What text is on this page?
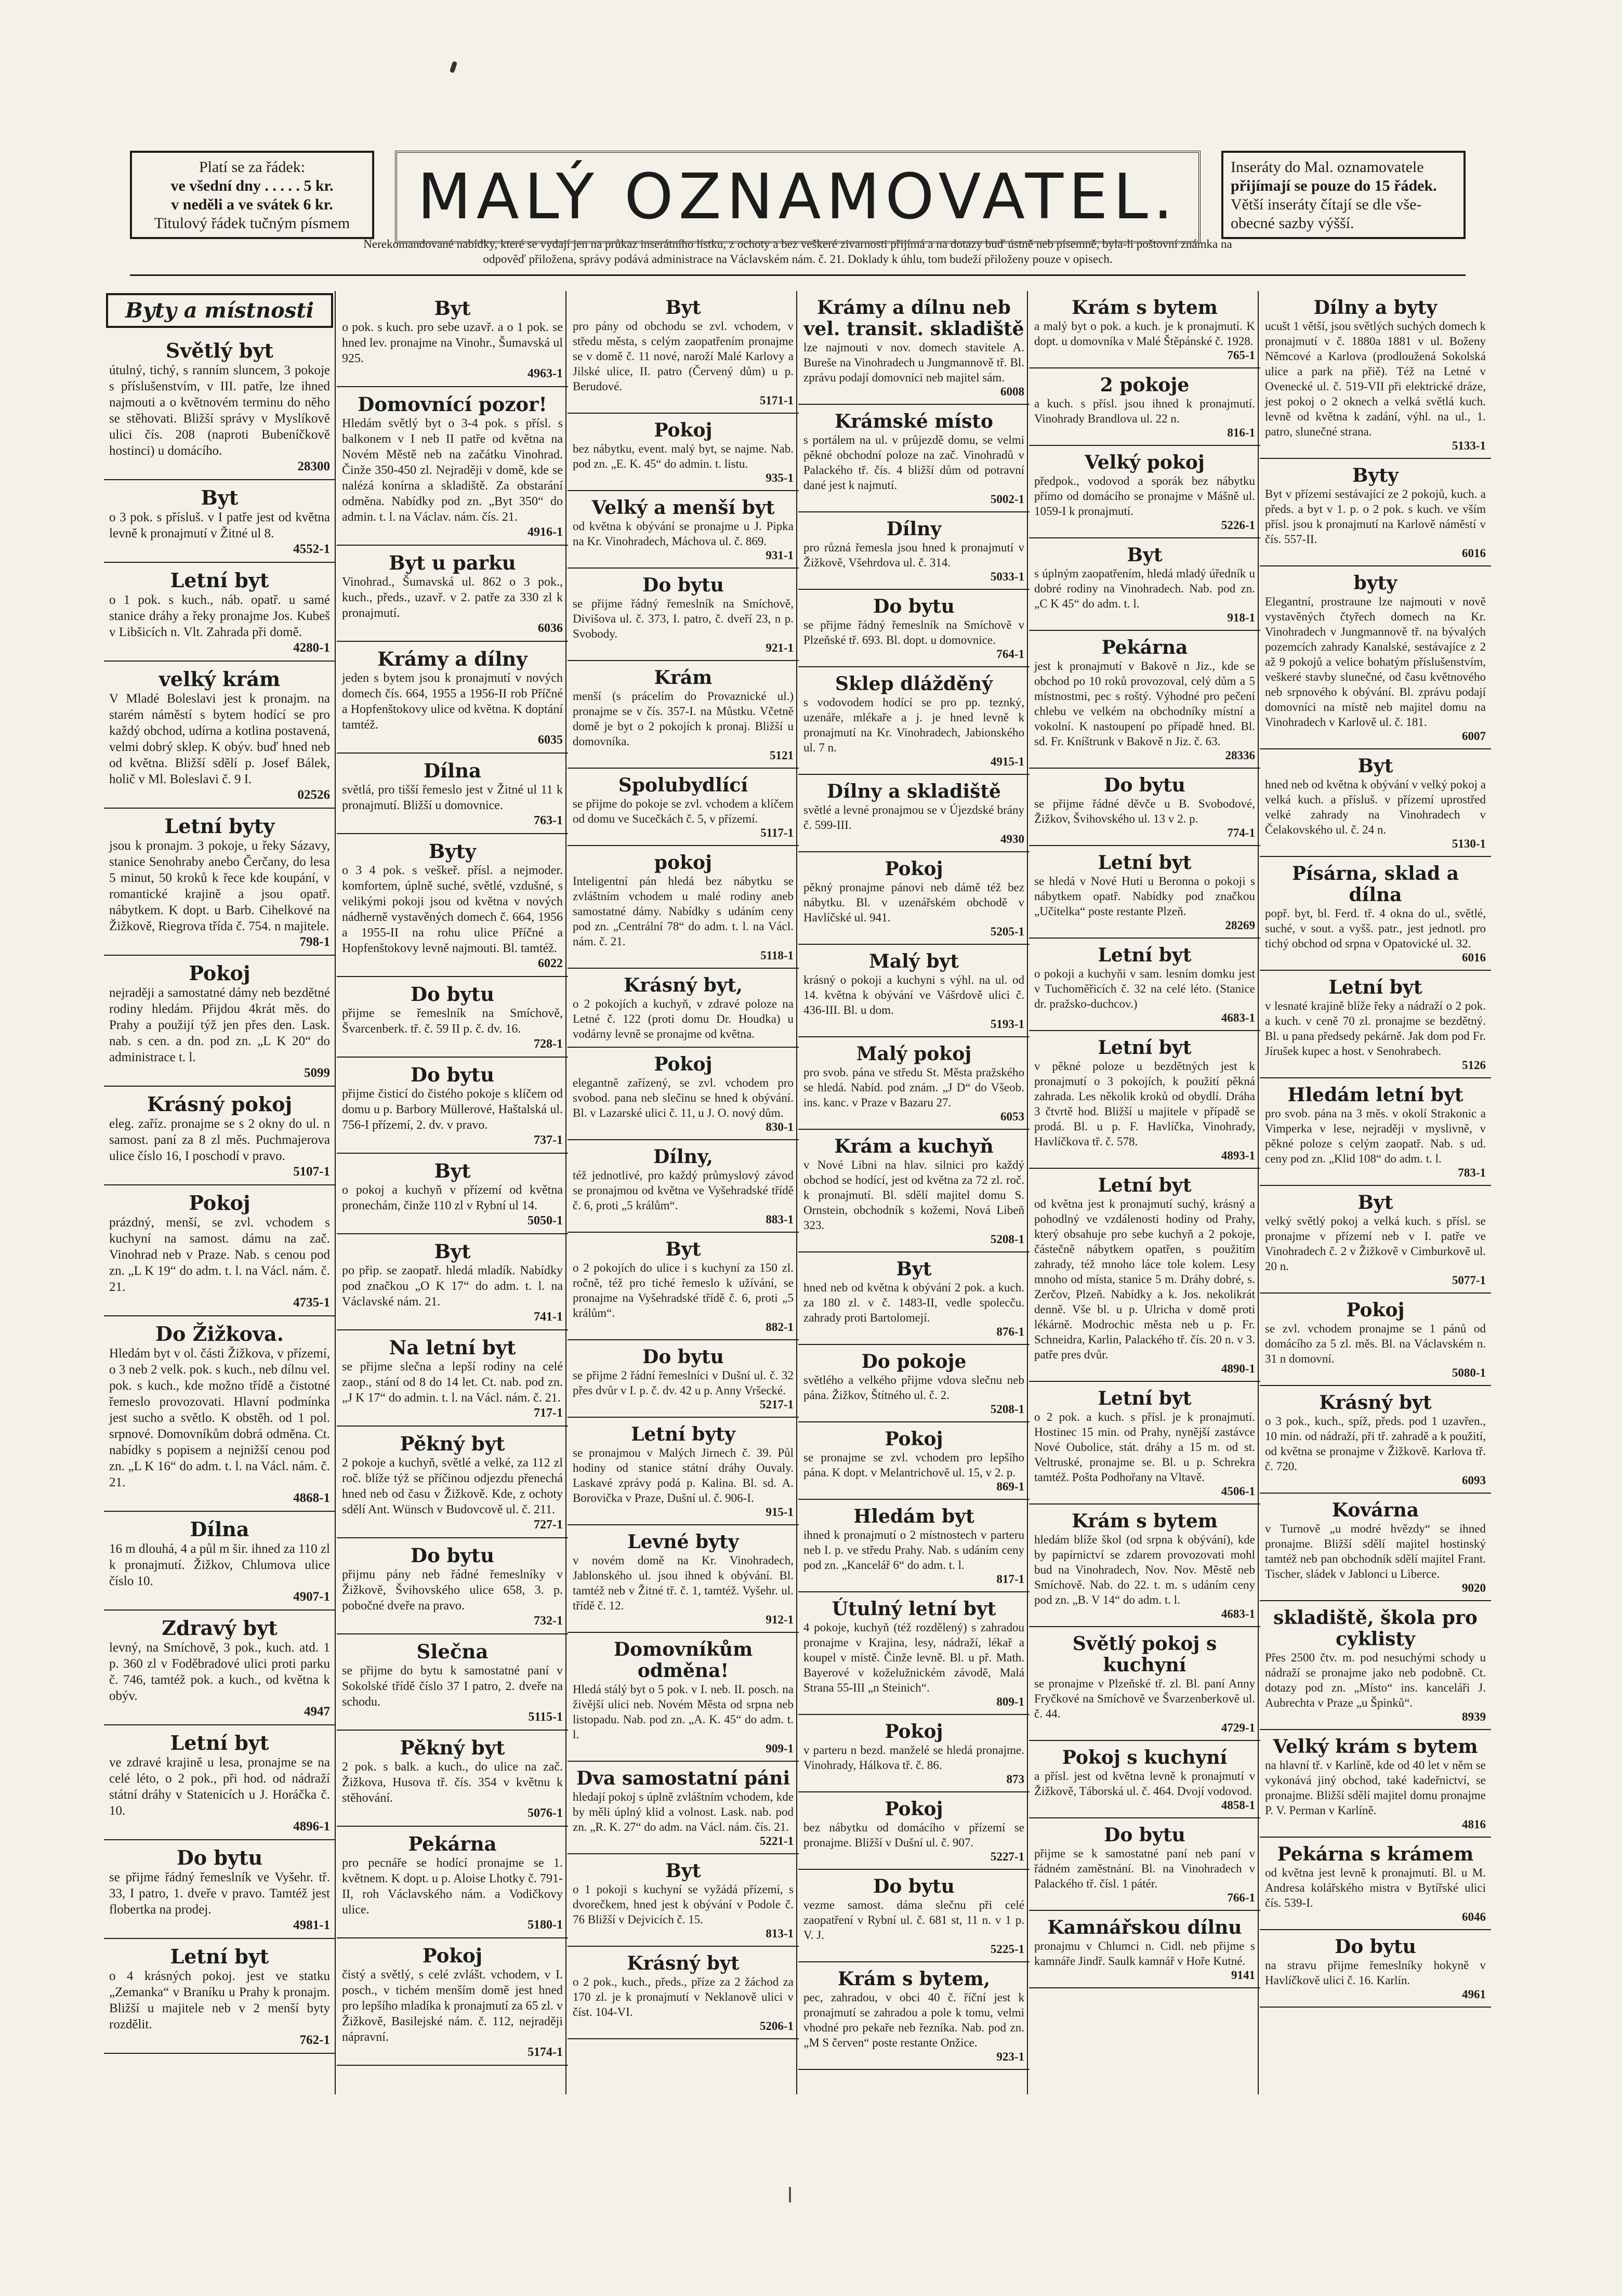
Platí se za řádek:
ve všední dny . . . . . 5 kr.
v neděli a ve svátek 6 kr.
Titulový řádek tučným písmem MALÝ OZNAMOVATEL.	Inseráty do Mal. oznamovatele
přijímají se pouze do 15 řádek.
Větší inseráty čítají se dle vše-
obecné sazby výšší.
Nerekomandované nabídky, které se vydají jen na průkaz inserátního lístku, z ochoty a bez veškeré zivarnosti přijímá a na dotazy buď ústně neb písemně, byla-li poštovní známka na
odpověď přiložena, správy podává administrace na Václavském nám. č. 21. Doklady k úhlu, tom budeží přiloženy pouze v opisech.
Byty a místnosti
Světlý byt
útulný, tichý, s ranním sluncem, 3 pokoje s příslušenstvím, v III. patře, lze ihned najmouti a o květnovém terminu do něho se stěhovati. Bližší správy v Myslíkově ulici čís. 208 (naproti Bubeníčkově hostinci) u domácího.
28300
Byt
o 3 pok. s přísluš. v I patře jest od května levně k pronajmutí v Žitné ul 8.
4552-1
Letní byt
o 1 pok. s kuch., náb. opatř. u samé stanice dráhy a řeky pronajme Jos. Kubeš v Libšicích n. Vlt. Zahrada při domě.
4280-1
velký krám
V Mladé Boleslavi jest k pronajm. na starém náměstí s bytem hodící se pro každý obchod, udírna a kotlina postavená, velmi dobrý sklep. K obýv. buď hned neb od května. Bližší sdělí p. Josef Bálek, holič v Ml. Boleslavi č. 9 I.
02526
Letní byty
jsou k pronajm. 3 pokoje, u řeky Sázavy, stanice Senohraby anebo Čerčany, do lesa 5 minut, 50 kroků k řece kde koupání, v romantické krajině a jsou opatř. nábytkem. K dopt. u Barb. Cihelkové na Žižkově, Riegrova třída č. 754. n majitele.
798-1
Pokoj
nejraději a samostatné dámy neb bezdětné rodiny hledám. Přijdou 4krát měs. do Prahy a použijí týž jen přes den. Lask. nab. s cen. a dn. pod zn. „L K 20“ do administrace t. l.
5099
Krásný pokoj
eleg. zaříz. pronajme se s 2 okny do ul. n samost. paní za 8 zl měs. Puchmajerova ulice číslo 16, I poschodí v pravo.
5107-1
Pokoj
prázdný, menší, se zvl. vchodem s kuchyní na samost. dámu na zač. Vinohrad neb v Praze. Nab. s cenou pod zn. „L K 19“ do adm. t. l. na Václ. nám. č. 21.
4735-1
Do Žižkova.
Hledám byt v ol. části Žižkova, v přízemí, o 3 neb 2 velk. pok. s kuch., neb dílnu vel. pok. s kuch., kde možno třídě a čistotné řemeslo provozovati. Hlavní podmínka jest sucho a světlo. K obstěh. od 1 pol. srpnové. Domovníkům dobrá odměna. Ct. nabídky s popisem a nejnižší cenou pod zn. „L K 16“ do adm. t. l. na Václ. nám. č. 21.
4868-1
Dílna
16 m dlouhá, 4 a půl m šir. ihned za 110 zl k pronajmutí. Žižkov, Chlumova ulice číslo 10.
4907-1
Zdravý byt
levný, na Smíchově, 3 pok., kuch. atd. 1 p. 360 zl v Foděbradové ulici proti parku č. 746, tamtéž pok. a kuch., od května k obýv.
4947
Letní byt
ve zdravé krajině u lesa, pronajme se na celé léto, o 2 pok., při hod. od nádraží státní dráhy v Statenicích u J. Horáčka č. 10.
4896-1
Do bytu
se přijme řádný řemeslník ve Vyšehr. tř. 33, I patro, 1. dveře v pravo. Tamtéž jest flobertka na prodej.
4981-1
Letní byt
o 4 krásných pokoj. jest ve statku „Zemanka“ v Braníku u Prahy k pronajm. Bližší u majitele neb v 2 menší byty rozdělit.
762-1
Byt
o pok. s kuch. pro sebe uzavř. a o 1 pok. se hned lev. pronajme na Vinohr., Šumavská ul 925.
4963-1
Domovnící pozor!
Hledám světlý byt o 3-4 pok. s přísl. s balkonem v I neb II patře od května na Novém Městě neb na začátku Vinohrad. Činže 350-450 zl. Nejraději v domě, kde se nalézá konírna a skladiště. Za obstarání odměna. Nabídky pod zn. „Byt 350“ do admin. t. l. na Václav. nám. čís. 21.
4916-1
Byt u parku
Vinohrad., Šumavská ul. 862 o 3 pok., kuch., předs., uzavř. v 2. patře za 330 zl k pronajmutí.
6036
Krámy a dílny
jeden s bytem jsou k pronajmutí v nových domech čís. 664, 1955 a 1956-II rob Příčné a Hopfenštokovy ulice od května. K doptání tamtéž.
6035
Dílna
světlá, pro tišší řemeslo jest v Žitné ul 11 k pronajmutí. Bližší u domovnice.
763-1
Byty
o 3 4 pok. s veškeř. přísl. a nejmoder. komfortem, úplně suché, světlé, vzdušné, s velikými pokoji jsou od května v nových nádherně vystavěných domech č. 664, 1956 a 1955-II na rohu ulice Příčné a Hopfenštokovy levně najmouti. Bl. tamtéž.
6022
Do bytu
přijme se řemeslník na Smíchově, Švarcenberk. tř. č. 59 II p. č. dv. 16.
728-1
Do bytu
přijme čisticí do čistého pokoje s klíčem od domu u p. Barbory Müllerové, Haštalská ul. 756-I přízemí, 2. dv. v pravo.
737-1
Byt
o pokoj a kuchyň v přízemí od května pronechám, činže 110 zl v Rybní ul 14.
5050-1
Byt
po přip. se zaopatř. hledá mladík. Nabídky pod značkou „O K 17“ do adm. t. l. na Václavské nám. 21.
741-1
Na letní byt
se přijme slečna a lepší rodiny na celé zaop., stání od 8 do 14 let. Ct. nab. pod zn. „J K 17“ do admin. t. l. na Václ. nám. č. 21.
717-1
Pěkný byt
2 pokoje a kuchyň, světlé a velké, za 112 zl roč. blíže týž se příčinou odjezdu přenechá hned neb od času v Žižkově. Kde, z ochoty sdělí Ant. Wünsch v Budovcově ul. č. 211.
727-1
Do bytu
přijmu pány neb řádné řemeslníky v Žižkově, Švihovského ulice 658, 3. p. pobočné dveře na pravo.
732-1
Slečna
se přijme do bytu k samostatné paní v Sokolské třídě číslo 37 I patro, 2. dveře na schodu.
5115-1
Pěkný byt
2 pok. s balk. a kuch., do ulice na zač. Žižkova, Husova tř. čís. 354 v květnu k stěhování.
5076-1
Pekárna
pro pecnáře se hodící pronajme se 1. květnem. K dopt. u p. Aloise Lhotky č. 791-II, roh Václavského nám. a Vodičkovy ulice.
5180-1
Pokoj
čistý a světlý, s celé zvlášt. vchodem, v I. posch., v tichém menším domě jest hned pro lepšího mladíka k pronajmutí za 65 zl. v Žižkově, Basilejské nám. č. 112, nejraději nápravní.
5174-1
Byt
pro pány od obchodu se zvl. vchodem, v středu města, s celým zaopatřením pronajme se v domě č. 11 nové, naroží Malé Karlovy a Jilské ulice, II. patro (Červený dům) u p. Berudové.
5171-1
Pokoj
bez nábytku, event. malý byt, se najme. Nab. pod zn. „E. K. 45“ do admin. t. listu.
935-1
Velký a menší byt
od května k obývání se pronajme u J. Pipka na Kr. Vinohradech, Máchova ul. č. 869.
931-1
Do bytu
se přijme řádný řemeslník na Smíchově, Divišova ul. č. 373, I. patro, č. dveří 23, n p. Svobody.
921-1
Krám
menší (s prácelím do Provaznické ul.) pronajme se v čís. 357-I. na Můstku. Včetně domě je byt o 2 pokojích k pronaj. Bližší u domovníka.
5121
Spolubydlící
se přijme do pokoje se zvl. vchodem a klíčem od domu ve Sucečkách č. 5, v přízemí.
5117-1
pokoj
Inteligentní pán hledá bez nábytku se zvláštním vchodem u malé rodiny aneb samostatné dámy. Nabídky s udáním ceny pod zn. „Centrální 78“ do adm. t. l. na Václ. nám. č. 21.
5118-1
Krásný byt,
o 2 pokojích a kuchyň, v zdravé poloze na Letné č. 122 (proti domu Dr. Houdka) u vodárny levně se pronajme od května.
Pokoj
elegantně zařízený, se zvl. vchodem pro svobod. pana neb slečinu se hned k obývání. Bl. v Lazarské ulici č. 11, u J. O. nový dům.
830-1
Dílny,
též jednotlivé, pro každý průmyslový závod se pronajmou od května ve Vyšehradské třídě č. 6, proti „5 králům“.
883-1
Byt
o 2 pokojích do ulice i s kuchyní za 150 zl. ročně, též pro tiché řemeslo k užívání, se pronajme na Vyšehradské třídě č. 6, proti „5 králům“.
882-1
Do bytu
se přijme 2 řádní řemeslníci v Dušní ul. č. 32 přes dvůr v I. p. č. dv. 42 u p. Anny Vršecké.
5217-1
Letní byty
se pronajmou v Malých Jirnech č. 39. Půl hodiny od stanice státní dráhy Ouvaly. Laskavé zprávy podá p. Kalina. Bl. sd. A. Borovička v Praze, Dušní ul. č. 906-I.
915-1
Levné byty
v novém domě na Kr. Vinohradech, Jablonského ul. jsou ihned k obývání. Bl. tamtéž neb v Žitné tř. č. 1, tamtéž. Vyšehr. ul. třídě č. 12.
912-1
Domovníkům odměna!
Hledá stálý byt o 5 pok. v I. neb. II. posch. na živější ulici neb. Novém Města od srpna neb listopadu. Nab. pod zn. „A. K. 45“ do adm. t. l.
909-1
Dva samostatní páni
hledají pokoj s úplně zvláštním vchodem, kde by měli úplný klid a volnost. Lask. nab. pod zn. „R. K. 27“ do adm. na Václ. nám. čís. 21.
5221-1
Byt
o 1 pokoji s kuchyní se vyžádá přízemí, s dvorečkem, hned jest k obývání v Podole č. 76 Bližší v Dejvicích č. 15.
813-1
Krásný byt
o 2 pok., kuch., předs., příze za 2 žáchod za 170 zl. je k pronajmutí v Neklanově ulici v číst. 104-VI.
5206-1
Krámy a dílnu neb vel. transit. skladiště
lze najmouti v nov. domech stavitele A. Bureše na Vinohradech u Jungmannově tř. Bl. zprávu podají domovníci neb majitel sám.
6008
Krámské místo
s portálem na ul. v průjezdě domu, se velmi pěkné obchodní poloze na zač. Vinohradů v Palackého tř. čís. 4 bližší dům od potravní dané jest k najmutí.
5002-1
Dílny
pro různá řemesla jsou hned k pronajmutí v Žižkově, Všehrdova ul. č. 314.
5033-1
Do bytu
se přijme řádný řemeslník na Smíchově v Plzeňské tř. 693. Bl. dopt. u domovnice.
764-1
Sklep dlážděný
s vodovodem hodící se pro pp. teznký, uzenáře, mlékaře a j. je hned levně k pronajmutí na Kr. Vinohradech, Jabionského ul. 7 n.
4915-1
Dílny a skladiště
světlé a levné pronajmou se v Újezdské brány č. 599-III.
4930
Pokoj
pěkný pronajme pánovi neb dámě též bez nábytku. Bl. v uzenářském obchodě v Havlíčské ul. 941.
5205-1
Malý byt
krásný o pokoji a kuchyni s výhl. na ul. od 14. května k obývání ve Vášrdově ulici č. 436-III. Bl. u dom.
5193-1
Malý pokoj
pro svob. pána ve středu St. Města pražského se hledá. Nabíd. pod znám. „J D“ do Všeob. ins. kanc. v Praze v Bazaru 27.
6053
Krám a kuchyň
v Nové Libni na hlav. silnici pro každý obchod se hodící, jest od května za 72 zl. roč. k pronajmutí. Bl. sdělí majitel domu S. Ornstein, obchodník s kožemi, Nová Libeň 323.
5208-1
Byt
hned neb od května k obývání 2 pok. a kuch. za 180 zl. v č. 1483-II, vedle spolecču. zahrady proti Bartolomejí.
876-1
Do pokoje
světlého a velkého přijme vdova slečnu neb pána. Žižkov, Štítného ul. č. 2.
5208-1
Pokoj
se pronajme se zvl. vchodem pro lepšího pána. K dopt. v Melantrichově ul. 15, v 2. p.
869-1
Hledám byt
ihned k pronajmutí o 2 místnostech v parteru neb I. p. ve středu Prahy. Nab. s udáním ceny pod zn. „Kancelář 6“ do adm. t. l.
817-1
Útulný letní byt
4 pokoje, kuchyň (též rozdělený) s zahradou pronajme v Krajina, lesy, nádraží, lékař a koupel v místě. Činže levně. Bl. u př. Math. Bayerové v koželužnickém závodě, Malá Strana 55-III „n Steinich“.
809-1
Pokoj
v parteru n bezd. manželé se hledá pronajme. Vinohrady, Hálkova tř. č. 86.
873
Pokoj
bez nábytku od domácího v přízemí se pronajme. Bližší v Dušní ul. č. 907.
5227-1
Do bytu
vezme samost. dáma slečnu při celé zaopatření v Rybní ul. č. 681 st, 11 n. v 1 p. V. J.
5225-1
Krám s bytem,
pec, zahradou, v obci 40 č. říční jest k pronajmutí se zahradou a pole k tomu, velmi vhodné pro pekaře neb řezníka. Nab. pod zn. „M S červen“ poste restante Onžice.
923-1
Krám s bytem
a malý byt o pok. a kuch. je k pronajmutí. K dopt. u domovníka v Malé Štěpánské č. 1928.
765-1
2 pokoje
a kuch. s přísl. jsou ihned k pronajmutí. Vinohrady Brandlova ul. 22 n.
816-1
Velký pokoj
předpok., vodovod a sporák bez nábytku přímo od domácího se pronajme v Mášně ul. 1059-I k pronajmutí.
5226-1
Byt
s úplným zaopatřením, hledá mladý úředník u dobré rodiny na Vinohradech. Nab. pod zn. „C K 45“ do adm. t. l.
918-1
Pekárna
jest k pronajmutí v Bakově n Jiz., kde se obchod po 10 roků provozoval, celý dům a 5 místnostmi, pec s roštý. Výhodné pro pečení chlebu ve velkém na obchodníky místní a vokolní. K nastoupení po případě hned. Bl. sd. Fr. Kníštrunk v Bakově n Jiz. č. 63.
28336
Do bytu
se přijme řádné děvče u B. Svobodové, Žižkov, Švihovského ul. 13 v 2. p.
774-1
Letní byt
se hledá v Nové Huti u Beronna o pokoji s nábytkem opatř. Nabídky pod značkou „Učitelka“ poste restante Plzeň.
28269
Letní byt
o pokoji a kuchyňi v sam. lesním domku jest v Tuchoměřicích č. 32 na celé léto. (Stanice dr. pražsko-duchcov.)
4683-1
Letní byt
v pěkné poloze u bezdětných jest k pronajmutí o 3 pokojích, k použití pěkná zahrada. Les několik kroků od obydlí. Dráha 3 čtvrtě hod. Bližší u majitele v případě se prodá. Bl. u p. F. Havlíčka, Vinohrady, Havlíčkova tř. č. 578.
4893-1
Letní byt
od května jest k pronajmutí suchý, krásný a pohodlný ve vzdálenosti hodiny od Prahy, který obsahuje pro sebe kuchyň a 2 pokoje, částečně nábytkem opatřen, s použitím zahrady, též mnoho láce tole kolem. Lesy mnoho od místa, stanice 5 m. Dráhy dobré, s. Zerčov, Plzeň. Nabídky a k. Jos. nekolikrát denně. Vše bl. u p. Ulricha v domě proti lékárně. Modrochic města neb u p. Fr. Schneidra, Karlin, Palackého tř. čís. 20 n. v 3. patře pres dvůr.
4890-1
Letní byt
o 2 pok. a kuch. s přísl. je k pronajmutí. Hostinec 15 min. od Prahy, nynější zastávce Nové Oubolice, stát. dráhy a 15 m. od st. Veltruské, pronajme se. Bl. u p. Schrekra tamtéž. Pošta Podhořany na Vltavě.
4506-1
Krám s bytem
hledám blíže škol (od srpna k obývání), kde by papírnictví se zdarem provozovati mohl bud na Vinohradech, Nov. Nov. Městě neb Smíchově. Nab. do 22. t. m. s udáním ceny pod zn. „B. V 14“ do adm. t. l.
4683-1
Světlý pokoj s kuchyní
se pronajme v Plzeňské tř. zl. Bl. paní Anny Fryčkové na Smíchově ve Švarzenberkově ul. č. 44.
4729-1
Pokoj s kuchyní
a přísl. jest od května levně k pronajmutí v Žižkově, Táborská ul. č. 464. Dvojí vodovod.
4858-1
Do bytu
přijme se k samostatné paní neb paní v řádném zaměstnání. Bl. na Vinohradech v Palackého tř. čísl. 1 pátér.
766-1
Kamnářskou dílnu
pronajmu v Chlumci n. Cidl. neb přijme s kamnáře Jindř. Saulk kamnář v Hoře Kutné.
9141
Dílny a byty
ucušt 1 větší, jsou světlých suchých domech k pronajmutí v č. 1880a 1881 v ul. Boženy Němcové a Karlova (prodloužená Sokolská ulice a park na přiě). Též na Letné v Ovenecké ul. č. 519-VII při elektrické dráze, jest pokoj o 2 oknech a velká světlá kuch. levně od května k zadání, výhl. na ul., 1. patro, slunečné strana.
5133-1
Byty
Byt v přízemí sestávající ze 2 pokojů, kuch. a předs. a byt v 1. p. o 2 pok. s kuch. ve vším přísl. jsou k pronajmutí na Karlově náměstí v čís. 557-II.
6016
byty
Elegantní, prostraune lze najmouti v nově vystavěných čtyřech domech na Kr. Vinohradech v Jungmannově tř. na bývalých pozemcích zahrady Kanalské, sestávajíce z 2 až 9 pokojů a velice bohatým příslušenstvím, veškeré stavby slunečné, od času květnového neb srpnového k obývání. Bl. zprávu podají domovníci na místě neb majitel domu na Vinohradech v Karlově ul. č. 181.
6007
Byt
hned neb od května k obývání v velký pokoj a velká kuch. a přísluš. v přízemí uprostřed velké zahrady na Vinohradech v Čelakovského ul. č. 24 n.
5130-1
Písárna, sklad a dílna
popř. byt, bl. Ferd. tř. 4 okna do ul., světlé, suché, v sout. a vyšš. patr., jest jednotl. pro tichý obchod od srpna v Opatovické ul. 32.
6016
Letní byt
v lesnaté krajině blíže řeky a nádraží o 2 pok. a kuch. v ceně 70 zl. pronajme se bezdětný. Bl. u pana předsedy pekárně. Jak dom pod Fr. Jírušek kupec a host. v Senohrabech.
5126
Hledám letní byt
pro svob. pána na 3 měs. v okolí Strakonic a Vimperka v lese, nejraději v myslivně, v pěkné poloze s celým zaopatř. Nab. s ud. ceny pod zn. „Klid 108“ do adm. t. l.
783-1
Byt
velký světlý pokoj a velká kuch. s přísl. se pronajme v přízemí neb v I. patře ve Vinohradech č. 2 v Žižkově v Cimburkově ul. 20 n.
5077-1
Pokoj
se zvl. vchodem pronajme se 1 pánů od domácího za 5 zl. měs. Bl. na Václavském n. 31 n domovní.
5080-1
Krásný byt
o 3 pok., kuch., spíž, předs. pod 1 uzavřen., 10 min. od nádraží, při tř. zahradě a k použití, od května se pronajme v Žižkově. Karlova tř. č. 720.
6093
Kovárna
v Turnově „u modré hvězdy“ se ihned pronajme. Bližší sdělí majitel hostinský tamtéž neb pan obchodník sdělí majitel Frant. Tischer, sládek v Jablonci u Liberce.
9020
skladiště, škola pro cyklisty
Přes 2500 čtv. m. pod nesuchými schody u nádraží se pronajme jako neb podobně. Ct. dotazy pod zn. „Místo“ ins. kanceláři J. Aubrechta v Praze „u Špinků“.
8939
Velký krám s bytem
na hlavní tř. v Karlíně, kde od 40 let v něm se vykonává jiný obchod, také kadeřnictví, se pronajme. Bližší sdělí majitel domu pronajme P. V. Perman v Karlíně.
4816
Pekárna s krámem
od května jest levně k pronajmutí. Bl. u M. Andresa kolářského mistra v Bytířské ulici čís. 539-I.
6046
Do bytu
na stravu přijme řemeslníky hokyně v Havlíčkově ulici č. 16. Karlín.
4961
